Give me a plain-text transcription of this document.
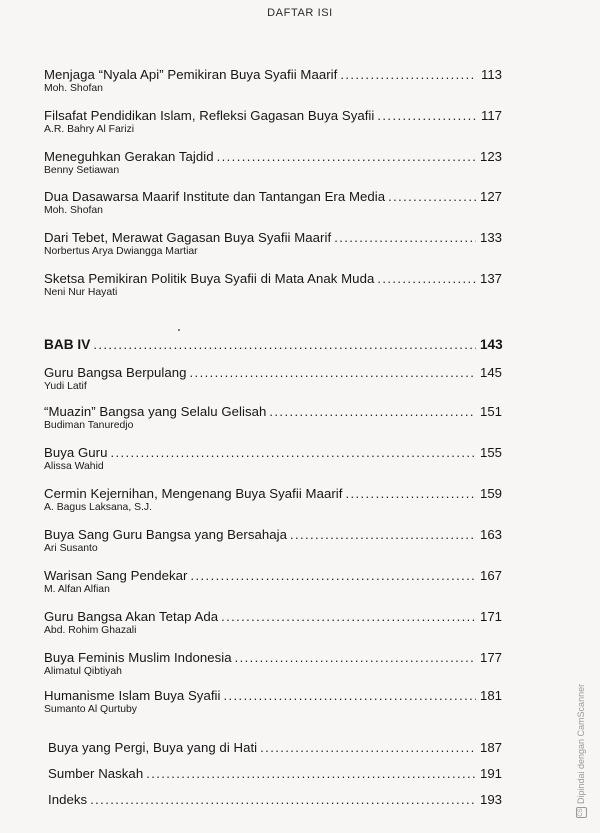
DAFTAR ISI
Menjaga “Nyala Api” Pemikiran Buya Syafii Maarif .....	113
Moh. Shofan
Filsafat Pendidikan Islam, Refleksi Gagasan Buya Syafii .....	117
A.R. Bahry Al Farizi
Meneguhkan Gerakan Tajdid .....	123
Benny Setiawan
Dua Dasawarsa Maarif Institute dan Tantangan Era Media .....	127
Moh. Shofan
Dari Tebet, Merawat Gagasan Buya Syafii Maarif .....	133
Norbertus Arya Dwiangga Martiar
Sketsa Pemikiran Politik Buya Syafii di Mata Anak Muda .....	137
Neni Nur Hayati
BAB IV .....	143
Guru Bangsa Berpulang .....	145
Yudi Latif
“Muazin” Bangsa yang Selalu Gelisah .....	151
Budiman Tanuredjo
Buya Guru .....	155
Alissa Wahid
Cermin Kejernihan, Mengenang Buya Syafii Maarif .....	159
A. Bagus Laksana, S.J.
Buya Sang Guru Bangsa yang Bersahaja .....	163
Ari Susanto
Warisan Sang Pendekar .....	167
M. Alfan Alfian
Guru Bangsa Akan Tetap Ada .....	171
Abd. Rohim Ghazali
Buya Feminis Muslim Indonesia .....	177
Alimatul Qibtiyah
Humanisme Islam Buya Syafii .....	181
Sumanto Al Qurtuby
Buya yang Pergi, Buya yang di Hati .....	187
Sumber Naskah .....	191
Indeks .....	193
CSDipindai dengan CamScanner
